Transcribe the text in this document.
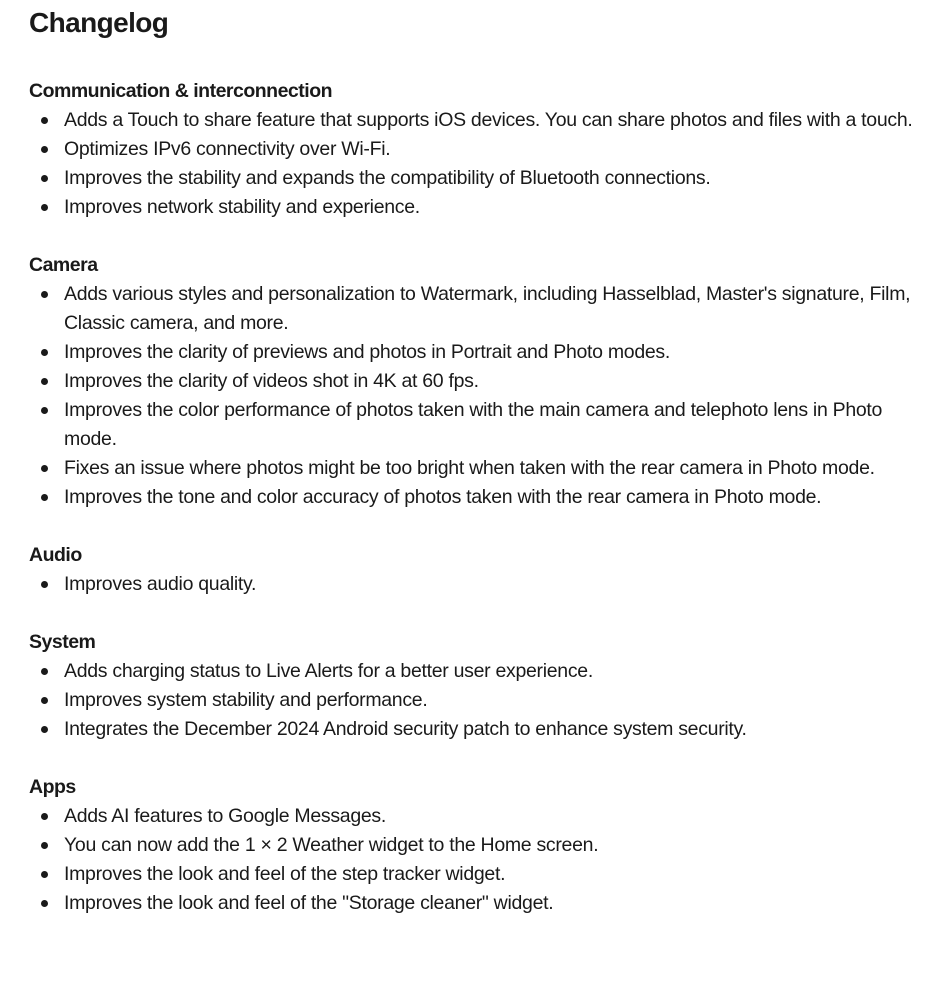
Changelog
Communication & interconnection
Adds a Touch to share feature that supports iOS devices. You can share photos and files with a touch.
Optimizes IPv6 connectivity over Wi-Fi.
Improves the stability and expands the compatibility of Bluetooth connections.
Improves network stability and experience.
Camera
Adds various styles and personalization to Watermark, including Hasselblad, Master's signature, Film, Classic camera, and more.
Improves the clarity of previews and photos in Portrait and Photo modes.
Improves the clarity of videos shot in 4K at 60 fps.
Improves the color performance of photos taken with the main camera and telephoto lens in Photo mode.
Fixes an issue where photos might be too bright when taken with the rear camera in Photo mode.
Improves the tone and color accuracy of photos taken with the rear camera in Photo mode.
Audio
Improves audio quality.
System
Adds charging status to Live Alerts for a better user experience.
Improves system stability and performance.
Integrates the December 2024 Android security patch to enhance system security.
Apps
Adds AI features to Google Messages.
You can now add the 1 × 2 Weather widget to the Home screen.
Improves the look and feel of the step tracker widget.
Improves the look and feel of the "Storage cleaner" widget.
